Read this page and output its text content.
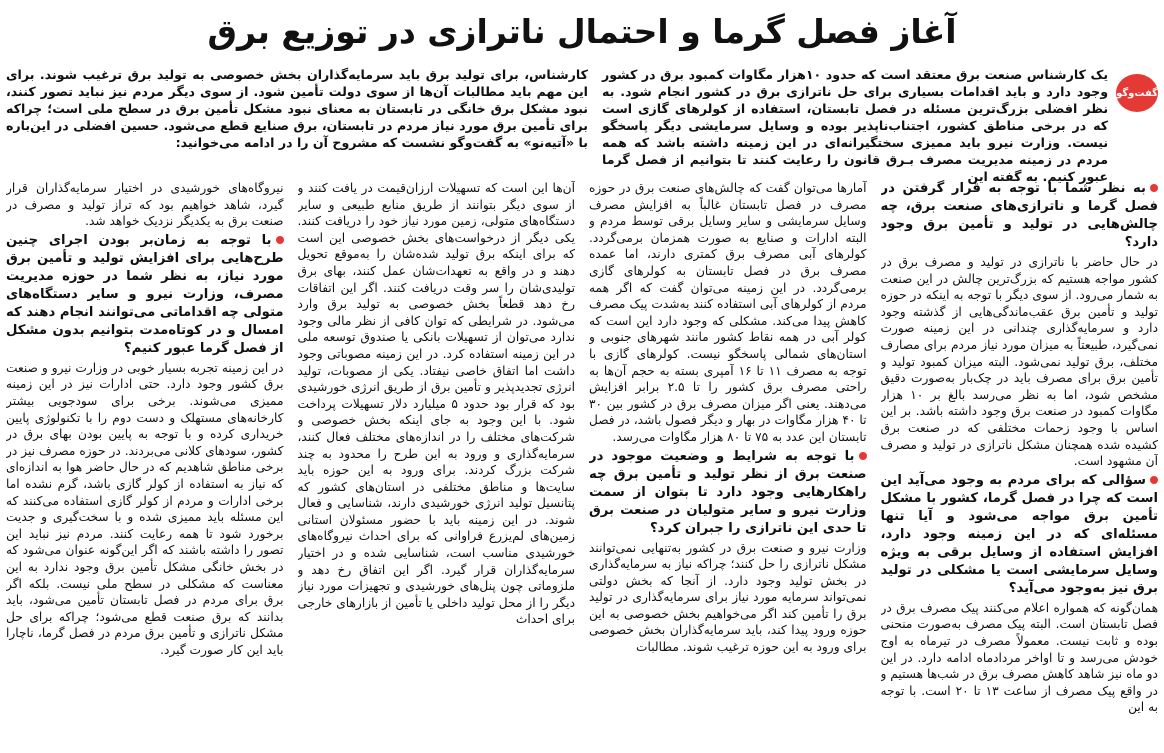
آغاز فصل گرما و احتمال ناترازی در توزیع برق
گفت‌وگو

یک کارشناس صنعت برق معتقد است که حدود ۱۰هزار مگاوات کمبود برق در کشور وجود دارد و باید اقدامات بسیاری برای حل ناترازی برق در کشور انجام شود. به نظر افضلی بزرگ‌ترین مسئله در فصل تابستان، استفاده از کولرهای گازی است که در برخی مناطق کشور، اجتناب‌ناپذیر بوده و وسایل سرمایشی دیگر پاسخگو نیست. وزارت نیرو باید ممیزی سختگیرانه‌ای در این زمینه داشته باشد که همه مردم در زمینه مدیریت مصرف بـرق قانون را رعایت کنند تا بتوانیم از فصل گرما عبور کنیم. به گفته این

کارشناس، برای تولید برق باید سرمایه‌گذاران بخش خصوصی به تولید برق ترغیب شوند. برای این مهم باید مطالبات آن‌ها از سوی دولت تأمین شود. از سوی دیگر مردم نیز نباید تصور کنند، نبود مشکل برق خانگی در تابستان به معنای نبود مشکل تأمین برق در سطح ملی است؛ چراکه برای تأمین برق مورد نیاز مردم در تابستان، برق صنایع قطع می‌شود. حسین افضلی در این‌باره با «آتیه‌نو» به گفت‌وگو نشست که مشروح آن را در ادامه می‌خوانید:

به نظر شما با توجه به قرار گرفتن در فصل گرما و ناترازی‌های صنعت برق، چه چالش‌هایی در تولید و تأمین برق وجود دارد؟

در حال حاضر با ناترازی در تولید و مصرف برق در کشور مواجه هستیم که بزرگ‌ترین چالش در این صنعت به شمار می‌رود. از سوی دیگر با توجه به اینکه در حوزه تولید و تأمین برق عقب‌ماندگی‌هایی از گذشته وجود دارد و سرمایه‌گذاری چندانی در این زمینه صورت نمی‌گیرد، طبیعتاً به میزان مورد نیاز مردم برای مصارف مختلف، برق تولید نمی‌شود. البته میزان کمبود تولید و تأمین برق برای مصرف باید در چک‌بار به‌صورت دقیق مشخص شود، اما به نظر می‌رسد بالغ بر ۱۰ هزار مگاوات کمبود در صنعت برق وجود داشته باشد. بر این اساس با وجود زحمات مختلفی که در صنعت برق کشیده شده همچنان مشکل ناترازی در تولید و مصرف آن مشهود است.

سؤالی که برای مردم به وجود می‌آید این است که چرا در فصل گرما، کشور با مشکل تأمین برق مواجه می‌شود و آیا تنها مسئله‌ای که در این زمینه وجود دارد، افزایش استفاده از وسایل برقی به ویژه وسایل سرمایشی است یا مشکلی در تولید برق نیز به‌وجود می‌آید؟

همان‌گونه که همواره اعلام می‌کنند پیک مصرف برق در فصل تابستان است. البته پیک مصرف به‌صورت منحنی بوده و ثابت نیست. معمولاً مصرف در تیرماه به اوج خودش می‌رسد و تا اواخر مردادماه ادامه دارد. در این دو ماه نیز شاهد کاهش مصرف برق در شب‌ها هستیم و در واقع پیک مصرف از ساعت ۱۳ تا ۲۰ است. با توجه به این

آمارها می‌توان گفت که چالش‌های صنعت برق در حوزه مصرف در فصل تابستان غالباً به افزایش مصرف وسایل سرمایشی و سایر وسایل برقی توسط مردم و البته ادارات و صنایع به صورت همزمان برمی‌گردد. کولرهای آبی مصرف برق کمتری دارند، اما عمده مصرف برق در فصل تابستان به کولرهای گازی برمی‌گردد. در این زمینه می‌توان گفت که اگر همه مردم از کولرهای آبی استفاده کنند به‌شدت پیک مصرف کاهش پیدا می‌کند. مشکلی که وجود دارد این است که کولر آبی در همه نقاط کشور مانند شهرهای جنوبی و استان‌های شمالی پاسخگو نیست. کولرهای گازی با توجه به مصرف ۱۱ تا ۱۶ آمپری بسته به حجم آن‌ها به راحتی مصرف برق کشور را تا ۲.۵ برابر افزایش می‌دهند. یعنی اگر میزان مصرف برق در کشور بین ۳۰ تا ۴۰ هزار مگاوات در بهار و دیگر فصول باشد، در فصل تابستان این عدد به ۷۵ تا ۸۰ هزار مگاوات می‌رسد.

با توجه به شرایط و وضعیت موجود در صنعت برق از نظر تولید و تأمین برق چه راهکارهایی وجود دارد تا بتوان از سمت وزارت نیرو و سایر متولیان در صنعت برق تا حدی این ناترازی را جبران کرد؟

وزارت نیرو و صنعت برق در کشور به‌تنهایی نمی‌توانند مشکل ناترازی را حل کنند؛ چراکه نیاز به سرمایه‌گذاری در بخش تولید وجود دارد. از آنجا که بخش دولتی نمی‌تواند سرمایه مورد نیاز برای سرمایه‌گذاری در تولید برق را تأمین کند اگر می‌خواهیم بخش خصوصی به این حوزه ورود پیدا کند، باید سرمایه‌گذاران بخش خصوصی برای ورود به این حوزه ترغیب شوند. مطالبات

آن‌ها این است که تسهیلات ارزان‌قیمت در یافت کنند و از سوی دیگر بتوانند از طریق منابع طبیعی و سایر دستگاه‌های متولی، زمین مورد نیاز خود را دریافت کنند. یکی دیگر از درخواست‌های بخش خصوصی این است که برای اینکه برق تولید شده‌شان را به‌موقع تحویل دهند و در واقع به تعهدات‌شان عمل کنند، بهای برق تولیدی‌شان را سر وقت دریافت کنند. اگر این اتفاقات رخ دهد قطعاً بخش خصوصی به تولید برق وارد می‌شود. در شرایطی که توان کافی از نظر مالی وجود ندارد می‌توان از تسهیلات بانکی یا صندوق توسعه ملی در این زمینه استفاده کرد. در این زمینه مصوباتی وجود داشت اما اتفاق خاصی نیفتاد. یکی از مصوبات، تولید انرژی تجدیدپذیر و تأمین برق از طریق انرژی خورشیدی بود که قرار بود حدود ۵ میلیارد دلار تسهیلات پرداخت شود. با این وجود به جای اینکه بخش خصوصی و شرکت‌های مختلف را در اندازه‌های مختلف فعال کنند، سرمایه‌گذاری و ورود به این طرح را محدود به چند شرکت بزرگ کردند. برای ورود به این حوزه باید سایت‌ها و مناطق مختلفی در استان‌های کشور که پتانسیل تولید انرژی خورشیدی دارند، شناسایی و فعال شوند. در این زمینه باید با حضور مسئولان استانی زمین‌های لم‌یزرع فراوانی که برای احداث نیروگاه‌های خورشیدی مناسب است، شناسایی شده و در اختیار سرمایه‌گذاران قرار گیرد. اگر این اتفاق رخ دهد و ملزوماتی چون پنل‌های خورشیدی و تجهیزات مورد نیاز دیگر را از محل تولید داخلی یا تأمین از بازارهای خارجی برای احداث

نیروگاه‌های خورشیدی در اختیار سرمایه‌گذاران قرار گیرد، شاهد خواهیم بود که تراز تولید و مصرف در صنعت برق به یکدیگر نزدیک خواهد شد.

با توجه به زمان‌بر بودن اجرای چنین طرح‌هایی برای افزایش تولید و تأمین برق مورد نیاز، به نظر شما در حوزه مدیریت مصرف، وزارت نیرو و سایر دستگاه‌های متولی چه اقداماتی می‌توانند انجام دهند که امسال و در کوتاه‌مدت بتوانیم بدون مشکل از فصل گرما عبور کنیم؟

در این زمینه تجربه بسیار خوبی در وزارت نیرو و صنعت برق کشور وجود دارد. حتی ادارات نیز در این زمینه ممیزی می‌شوند. برخی برای سودجویی بیشتر کارخانه‌های مستهلک و دست دوم را با تکنولوژی پایین خریداری کرده و با توجه به پایین بودن بهای برق در کشور، سودهای کلانی می‌بردند. در حوزه مصرف نیز در برخی مناطق شاهدیم که در حال حاضر هوا به اندازه‌ای که نیاز به استفاده از کولر گازی باشد، گرم نشده اما برخی ادارات و مردم از کولر گازی استفاده می‌کنند که این مسئله باید ممیزی شده و با سخت‌گیری و جدیت برخورد شود تا همه رعایت کنند. مردم نیز نباید این تصور را داشته باشند که اگر این‌گونه عنوان می‌شود که در بخش خانگی مشکل تأمین برق وجود ندارد به این معناست که مشکلی در سطح ملی نیست. بلکه اگر برق برای مردم در فصل تابستان تأمین می‌شود، باید بدانند که برق صنعت قطع می‌شود؛ چراکه برای حل مشکل ناترازی و تأمین برق مردم در فصل گرما، ناچارا باید این کار صورت گیرد.
